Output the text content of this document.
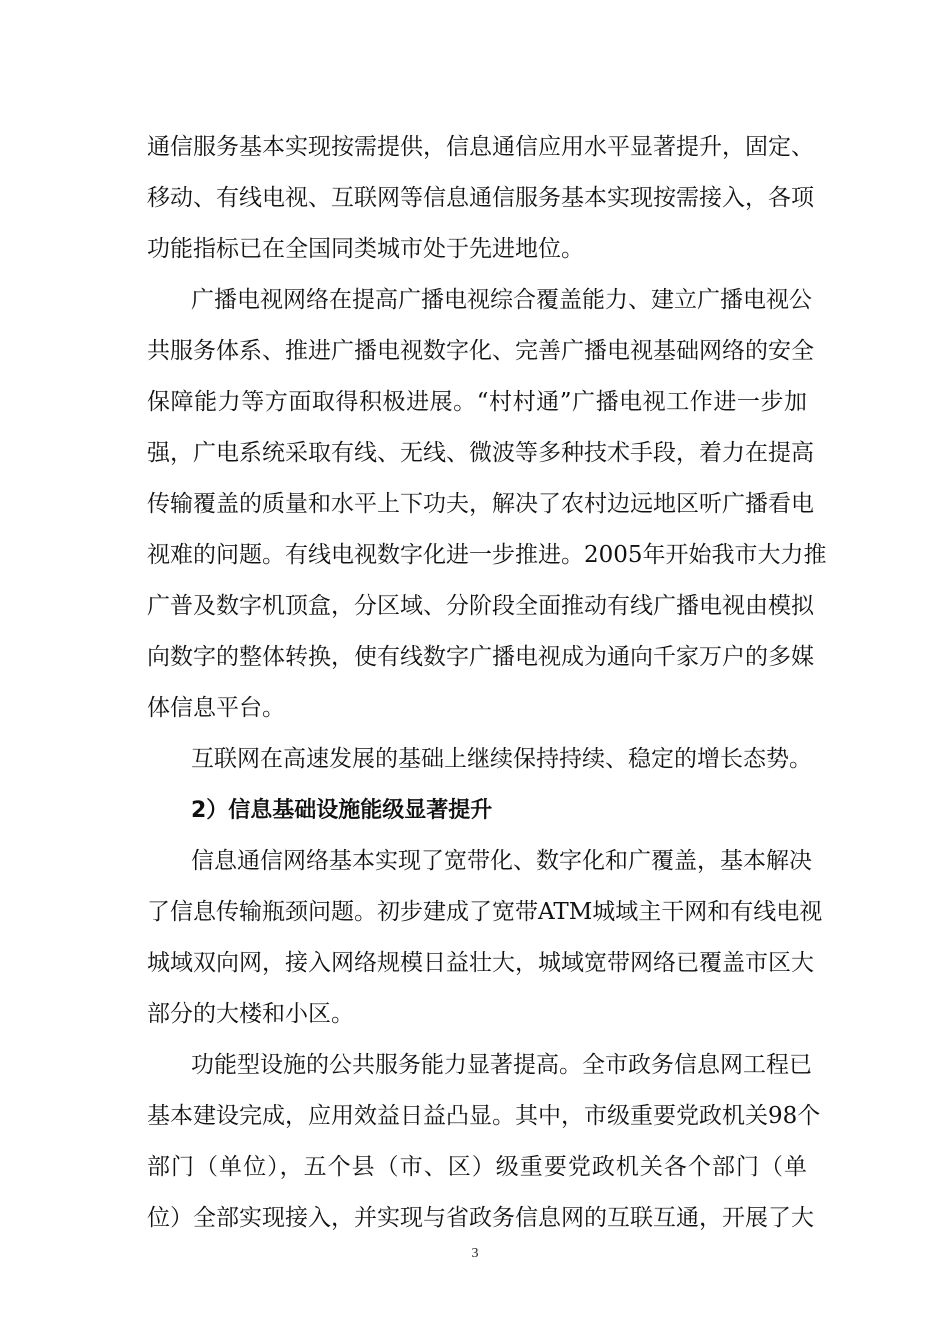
通信服务基本实现按需提供，信息通信应用水平显著提升，固定、
移动、有线电视、互联网等信息通信服务基本实现按需接入，各项
功能指标已在全国同类城市处于先进地位。
广播电视网络在提高广播电视综合覆盖能力、建立广播电视公
共服务体系、推进广播电视数字化、完善广播电视基础网络的安全
保障能力等方面取得积极进展。“村村通”广播电视工作进一步加
强，广电系统采取有线、无线、微波等多种技术手段，着力在提高
传输覆盖的质量和水平上下功夫，解决了农村边远地区听广播看电
视难的问题。有线电视数字化进一步推进。2005年开始我市大力推
广普及数字机顶盒，分区域、分阶段全面推动有线广播电视由模拟
向数字的整体转换，使有线数字广播电视成为通向千家万户的多媒
体信息平台。
互联网在高速发展的基础上继续保持持续、稳定的增长态势。
2）信息基础设施能级显著提升
信息通信网络基本实现了宽带化、数字化和广覆盖，基本解决
了信息传输瓶颈问题。初步建成了宽带ATM城域主干网和有线电视
城域双向网，接入网络规模日益壮大，城域宽带网络已覆盖市区大
部分的大楼和小区。
功能型设施的公共服务能力显著提高。全市政务信息网工程已
基本建设完成，应用效益日益凸显。其中，市级重要党政机关98个
部门（单位），五个县（市、区）级重要党政机关各个部门（单
位）全部实现接入，并实现与省政务信息网的互联互通，开展了大
3
